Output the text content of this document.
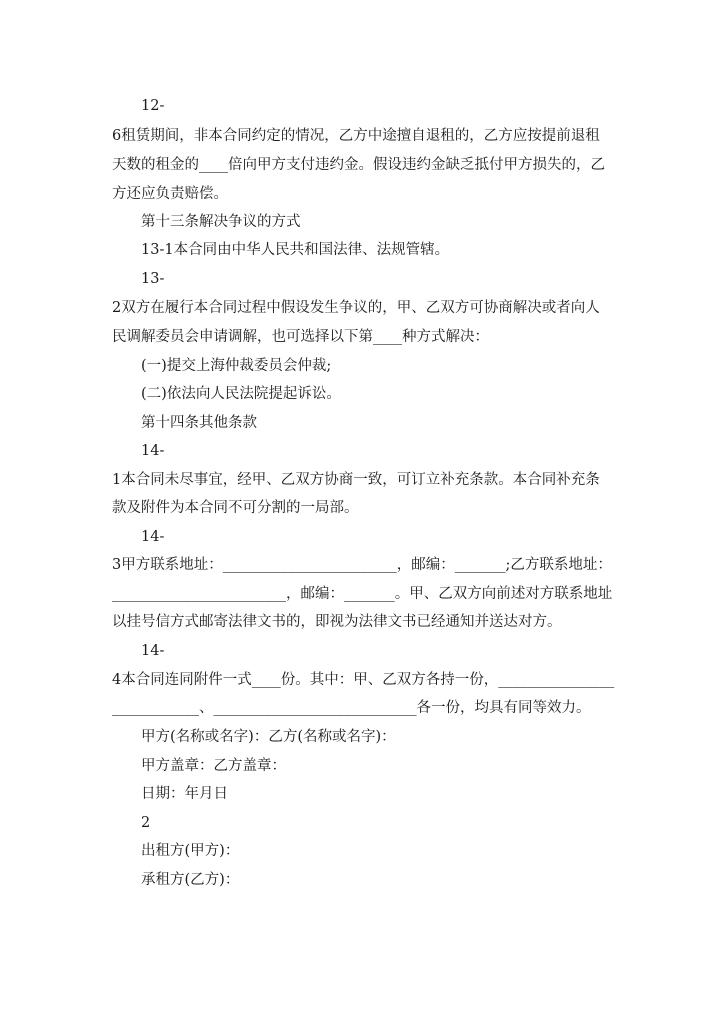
12-
6租赁期间，非本合同约定的情况，乙方中途擅自退租的，乙方应按提前退租
天数的租金的____倍向甲方支付违约金。假设违约金缺乏抵付甲方损失的，乙
方还应负责赔偿。
第十三条解决争议的方式
13-1本合同由中华人民共和国法律、法规管辖。
13-
2双方在履行本合同过程中假设发生争议的，甲、乙双方可协商解决或者向人
民调解委员会申请调解，也可选择以下第____种方式解决：
(一)提交上海仲裁委员会仲裁;
(二)依法向人民法院提起诉讼。
第十四条其他条款
14-
1本合同未尽事宜，经甲、乙双方协商一致，可订立补充条款。本合同补充条
款及附件为本合同不可分割的一局部。
14-
3甲方联系地址：________________________，邮编：_______;乙方联系地址：
________________________，邮编：_______。甲、乙双方向前述对方联系地址
以挂号信方式邮寄法律文书的，即视为法律文书已经通知并送达对方。
14-
4本合同连同附件一式____份。其中：甲、乙双方各持一份，________________
____________、____________________________各一份，均具有同等效力。
甲方(名称或名字)：乙方(名称或名字)：
甲方盖章：乙方盖章：
日期：年月日
2
出租方(甲方)：
承租方(乙方)：
